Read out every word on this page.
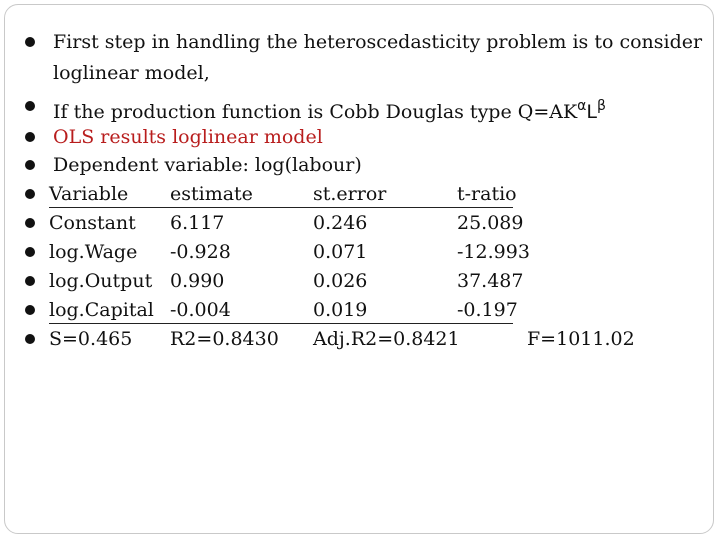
First step in handling the heteroscedasticity problem is to consider
loglinear model,
If the production function is Cobb Douglas type $Q=AK^\alpha L^\beta$
OLS results loglinear model
Dependent variable: log(labour)
Variable estimate	st.error	t-ratio
Constant 6.117	0.246	25.089
log.Wage -0.928	0.071	-12.993
log.Output 0.990	0.026	37.487
log.Capital -0.004	0.019	-0.197
S=0.465 R2=0.8430 Adj.R2=0.8421	F=1011.02
